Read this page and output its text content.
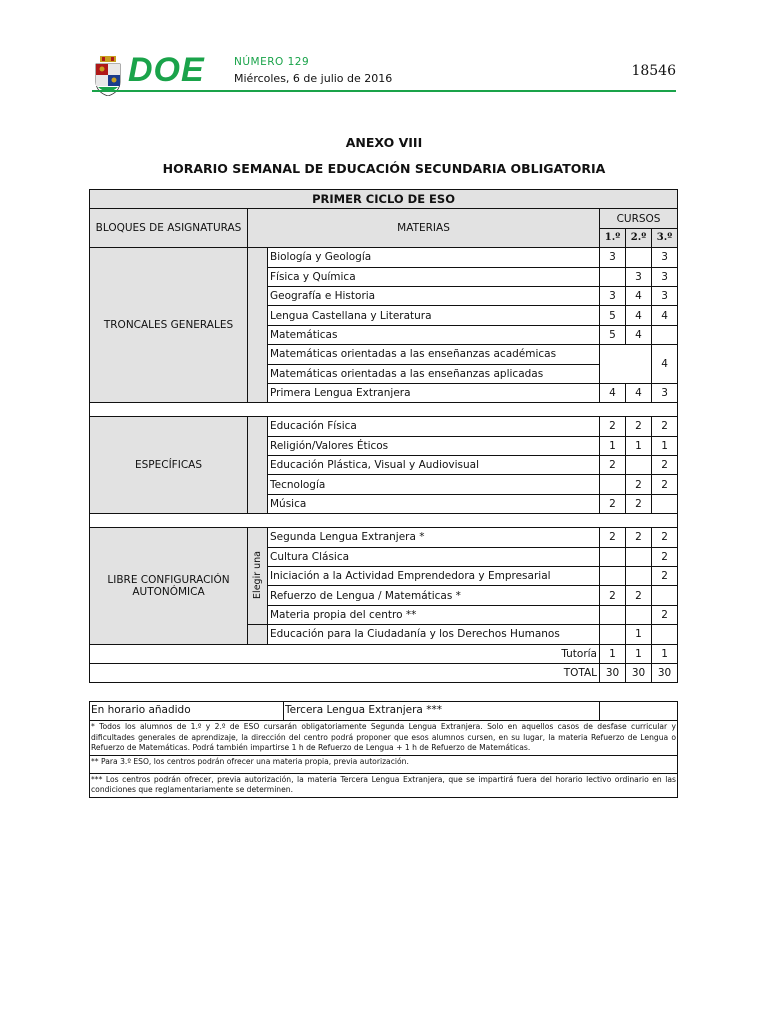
DOE	NÚMERO 129
Miércoles, 6 de julio de 2016	18546
ANEXO VIII
HORARIO SEMANAL DE EDUCACIÓN SECUNDARIA OBLIGATORIA
PRIMER CICLO DE ESO					
BLOQUES DE ASIGNATURAS	MATERIAS		CURSOS		
			1.º	2.º	3.º
TRONCALES GENERALES		Biología y Geología	3		3
		Física y Química		3	3
		Geografía e Historia	3	4	3
		Lengua Castellana y Literatura	5	4	4
		Matemáticas	5	4	
		Matemáticas orientadas a las enseñanzas académicas			4
		Matemáticas orientadas a las enseñanzas aplicadas			
		Primera Lengua Extranjera	4	4	3

ESPECÍFICAS		Educación Física	2	2	2
		Religión/Valores Éticos	1	1	1
		Educación Plástica, Visual y Audiovisual	2		2
		Tecnología		2	2
		Música	2	2	

LIBRE CONFIGURACIÓN AUTONÓMICA	Elegir una	Segunda Lengua Extranjera *	2	2	2
		Cultura Clásica			2
		Iniciación a la Actividad Emprendedora y Empresarial			2
		Refuerzo de Lengua / Matemáticas *	2	2	
		Materia propia del centro **			2
		Educación para la Ciudadanía y los Derechos Humanos		1	
Tutoría			1	1	1
TOTAL			30	30	30
En horario añadido	Tercera Lengua Extranjera ***	
* Todos los alumnos de 1.º y 2.º de ESO cursarán obligatoriamente Segunda Lengua Extranjera. Solo en aquellos casos de desfase curricular y dificultades generales de aprendizaje, la dirección del centro podrá proponer que esos alumnos cursen, en su lugar, la materia Refuerzo de Lengua o Refuerzo de Matemáticas. Podrá también impartirse 1 h de Refuerzo de Lengua + 1 h de Refuerzo de Matemáticas.
** Para 3.º ESO, los centros podrán ofrecer una materia propia, previa autorización.
*** Los centros podrán ofrecer, previa autorización, la materia Tercera Lengua Extranjera, que se impartirá fuera del horario lectivo ordinario en las condiciones que reglamentariamente se determinen.
